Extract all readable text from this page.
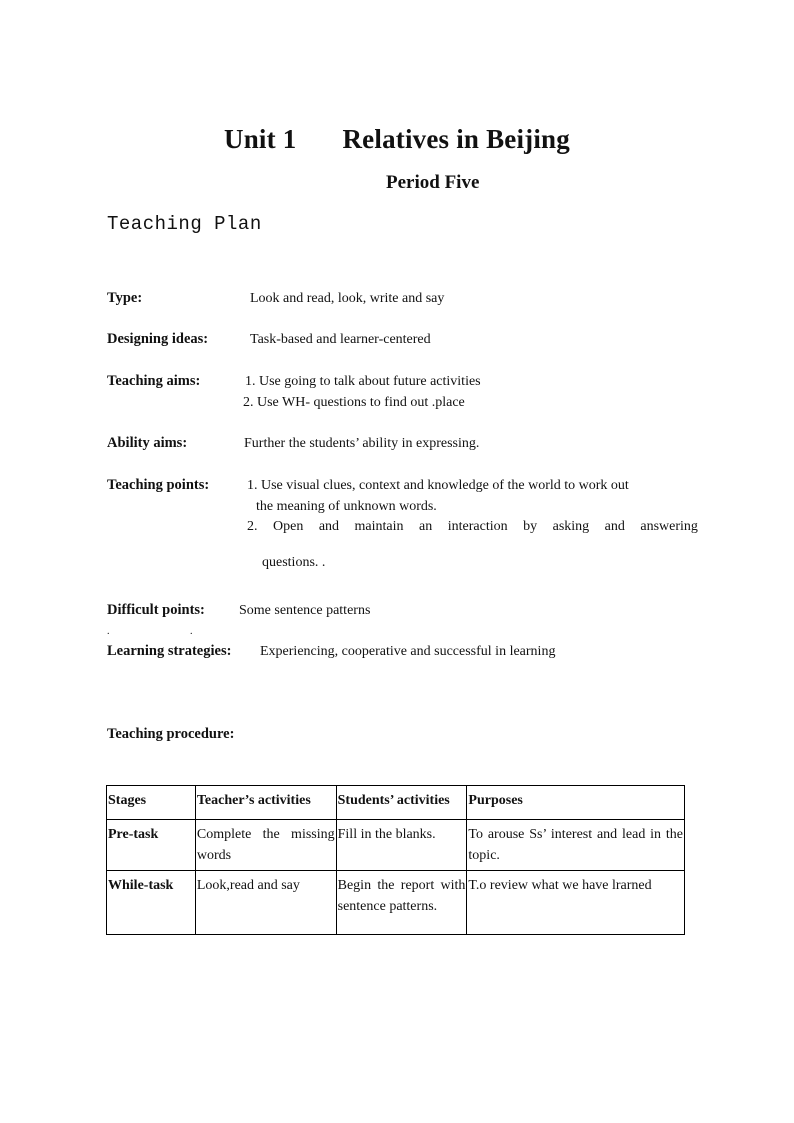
Unit 1 Relatives in Beijing
Period Five
Teaching Plan
Type:	Look and read, look, write and say
Designing ideas:	Task-based and learner-centered
Teaching aims:	1. Use going to talk about future activities
2. Use WH- questions to find out .place
Ability aims:	Further the students’ ability in expressing.
Teaching points:	1. Use visual clues, context and knowledge of the world to work out
the meaning of unknown words.
2. Open and maintain an interaction by asking and answering
questions. .
Difficult points: Some sentence patterns
.	.
Learning strategies: Experiencing, cooperative and successful in learning
Teaching procedure:
Stages	Teacher’s activities	Students’ activities	Purposes
Pre-task	Complete the missing words	Fill in the blanks.	To arouse Ss’ interest and lead in the topic.
While-task	Look,read and say	Begin the report with sentence patterns.	T.o review what we have lrarned
